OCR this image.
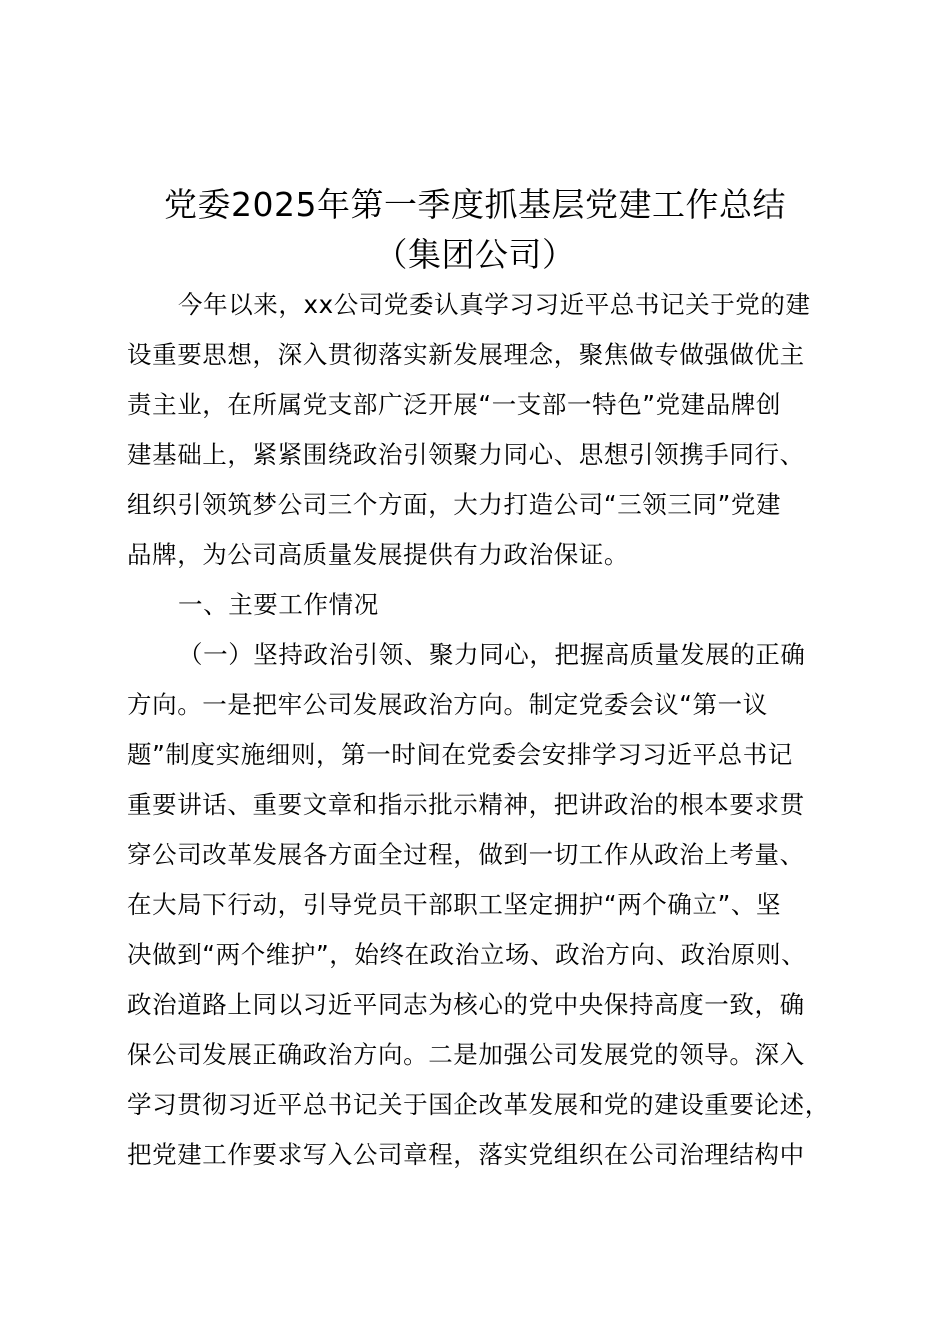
党委2025年第一季度抓基层党建工作总结
（集团公司）
今年以来，xx公司党委认真学习习近平总书记关于党的建
设重要思想，深入贯彻落实新发展理念，聚焦做专做强做优主
责主业，在所属党支部广泛开展“一支部一特色”党建品牌创
建基础上，紧紧围绕政治引领聚力同心、思想引领携手同行、
组织引领筑梦公司三个方面，大力打造公司“三领三同”党建
品牌，为公司高质量发展提供有力政治保证。
一、主要工作情况
（一）坚持政治引领、聚力同心，把握高质量发展的正确
方向。一是把牢公司发展政治方向。制定党委会议“第一议
题”制度实施细则，第一时间在党委会安排学习习近平总书记
重要讲话、重要文章和指示批示精神，把讲政治的根本要求贯
穿公司改革发展各方面全过程，做到一切工作从政治上考量、
在大局下行动，引导党员干部职工坚定拥护“两个确立”、坚
决做到“两个维护”，始终在政治立场、政治方向、政治原则、
政治道路上同以习近平同志为核心的党中央保持高度一致，确
保公司发展正确政治方向。二是加强公司发展党的领导。深入
学习贯彻习近平总书记关于国企改革发展和党的建设重要论述，
把党建工作要求写入公司章程，落实党组织在公司治理结构中
